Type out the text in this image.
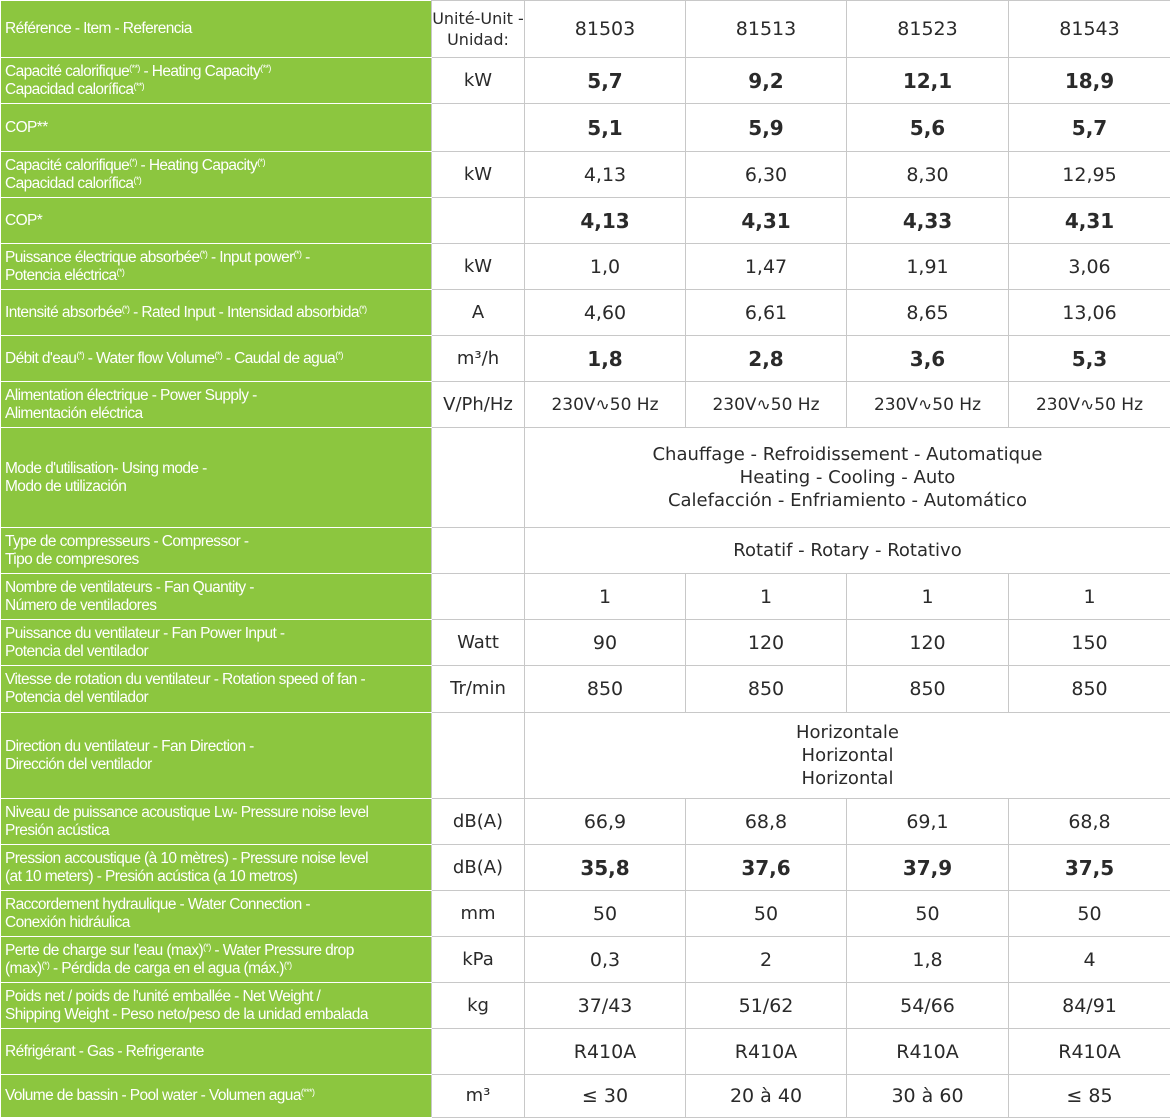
Référence - Item - Referencia	Unité-Unit -
Unidad:	81503	81513	81523	81543

Capacité calorifique(**) - Heating Capacity(**)
Capacidad calorífica(**)	kW	5,7	9,2	12,1	18,9

COP**		5,1	5,9	5,6	5,7

Capacité calorifique(*) - Heating Capacity(*)
Capacidad calorífica(*)	kW	4,13	6,30	8,30	12,95

COP*		4,13	4,31	4,33	4,31

Puissance électrique absorbée(*) - Input power(*) -
Potencia eléctrica(*)	kW	1,0	1,47	1,91	3,06

Intensité absorbée(*) - Rated Input - Intensidad absorbida(*)	A	4,60	6,61	8,65	13,06

Débit d'eau(*) - Water flow Volume(*) - Caudal de agua(*)	m³/h	1,8	2,8	3,6	5,3

Alimentation électrique - Power Supply -
Alimentación eléctrica	V/Ph/Hz	230V∿50 Hz	230V∿50 Hz	230V∿50 Hz	230V∿50 Hz

Mode d'utilisation- Using mode -
Modo de utilización		Chauffage - Refroidissement - Automatique
Heating - Cooling - Auto
Calefacción - Enfriamiento - Automático			

Type de compresseurs - Compressor -
Tipo de compresores		Rotatif - Rotary - Rotativo			

Nombre de ventilateurs - Fan Quantity -
Número de ventiladores		1	1	1	1

Puissance du ventilateur - Fan Power Input -
Potencia del ventilador	Watt	90	120	120	150

Vitesse de rotation du ventilateur - Rotation speed of fan -
Potencia del ventilador	Tr/min	850	850	850	850

Direction du ventilateur - Fan Direction -
Dirección del ventilador		Horizontale
Horizontal
Horizontal			

Niveau de puissance acoustique Lw- Pressure noise level
Presión acústica	dB(A)	66,9	68,8	69,1	68,8

Pression accoustique (à 10 mètres) - Pressure noise level
(at 10 meters) - Presión acústica (a 10 metros)	dB(A)	35,8	37,6	37,9	37,5

Raccordement hydraulique - Water Connection -
Conexión hidráulica	mm	50	50	50	50

Perte de charge sur l'eau (max)(*) - Water Pressure drop
(max)(*) - Pérdida de carga en el agua (máx.)(*)	kPa	0,3	2	1,8	4

Poids net / poids de l'unité emballée - Net Weight /
Shipping Weight - Peso neto/peso de la unidad embalada	kg	37/43	51/62	54/66	84/91

Réfrigérant - Gas - Refrigerante		R410A	R410A	R410A	R410A

Volume de bassin - Pool water - Volumen agua(***)	m³	≤ 30	20 à 40	30 à 60	≤ 85
